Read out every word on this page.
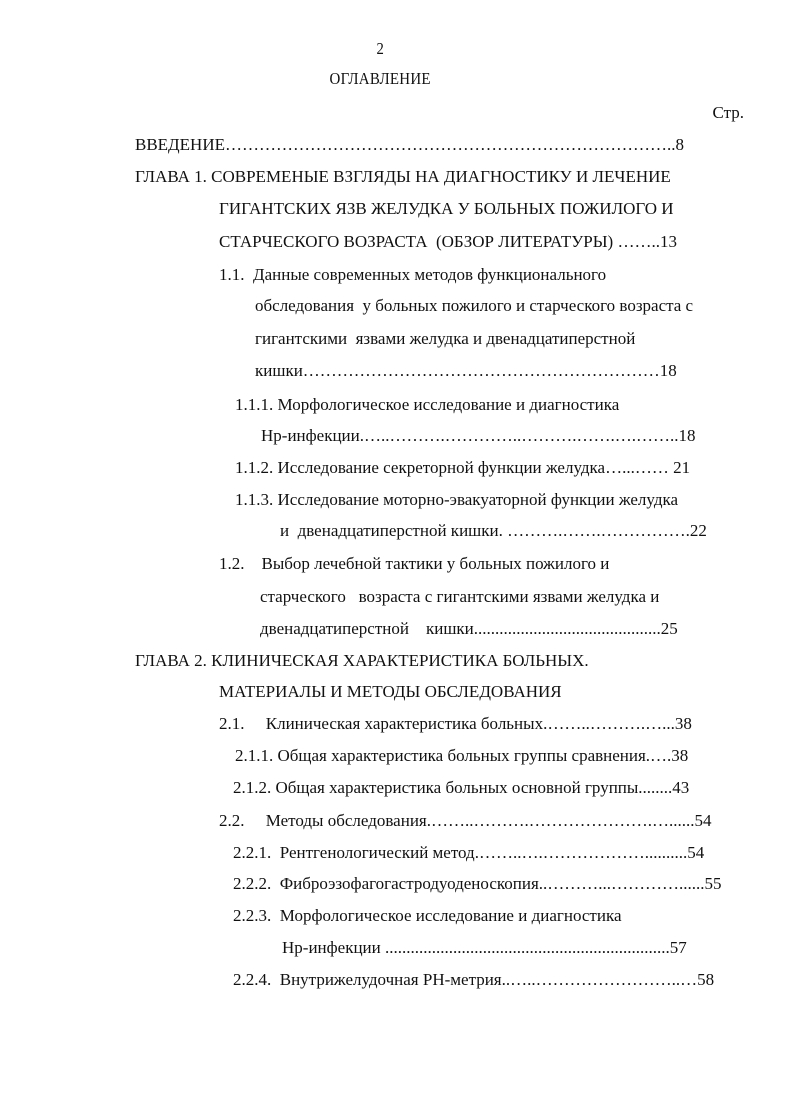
2
ОГЛАВЛЕНИЕ
Стр.
ВВЕДЕНИЕ……………………………………………………………………..8
ГЛАВА 1. СОВРЕМЕНЫЕ ВЗГЛЯДЫ НА ДИАГНОСТИКУ И ЛЕЧЕНИЕ
ГИГАНТСКИХ ЯЗВ ЖЕЛУДКА У БОЛЬНЫХ ПОЖИЛОГО И
СТАРЧЕСКОГО ВОЗРАСТА  (ОБЗОР ЛИТЕРАТУРЫ) ……..13
1.1.  Данные современных методов функционального
обследования  у больных пожилого и старческого возраста с
гигантскими  язвами желудка и двенадцатиперстной
кишки………………………………………………………18
1.1.1. Морфологическое исследование и диагностика
Нр-инфекции.…..……….…………..……….…….….……..18
1.1.2. Исследование секреторной функции желудка…...…… 21
1.1.3. Исследование моторно-эвакуаторной функции желудка
и  двенадцатиперстной кишки. ……….…….…………….22
1.2.    Выбор лечебной тактики у больных пожилого и
старческого   возраста с гигантскими язвами желудка и
двенадцатиперстной    кишки............................................25
ГЛАВА 2. КЛИНИЧЕСКАЯ ХАРАКТЕРИСТИКА БОЛЬНЫХ.
МАТЕРИАЛЫ И МЕТОДЫ ОБСЛЕДОВАНИЯ
2.1.     Клиническая характеристика больных.……..……….…...38
2.1.1. Общая характеристика больных группы сравнения.….38
2.1.2. Общая характеристика больных основной группы........43
2.2.     Методы обследования.……..……….………………….…......54
2.2.1.  Рентгенологический метод.……..….………………..........54
2.2.2.  Фиброэзофагогастродуоденоскопия..………...…………......55
2.2.3.  Морфологическое исследование и диагностика
Нр-инфекции ...................................................................57
2.2.4.  Внутрижелудочная РН-метрия..…..……………………..…58
